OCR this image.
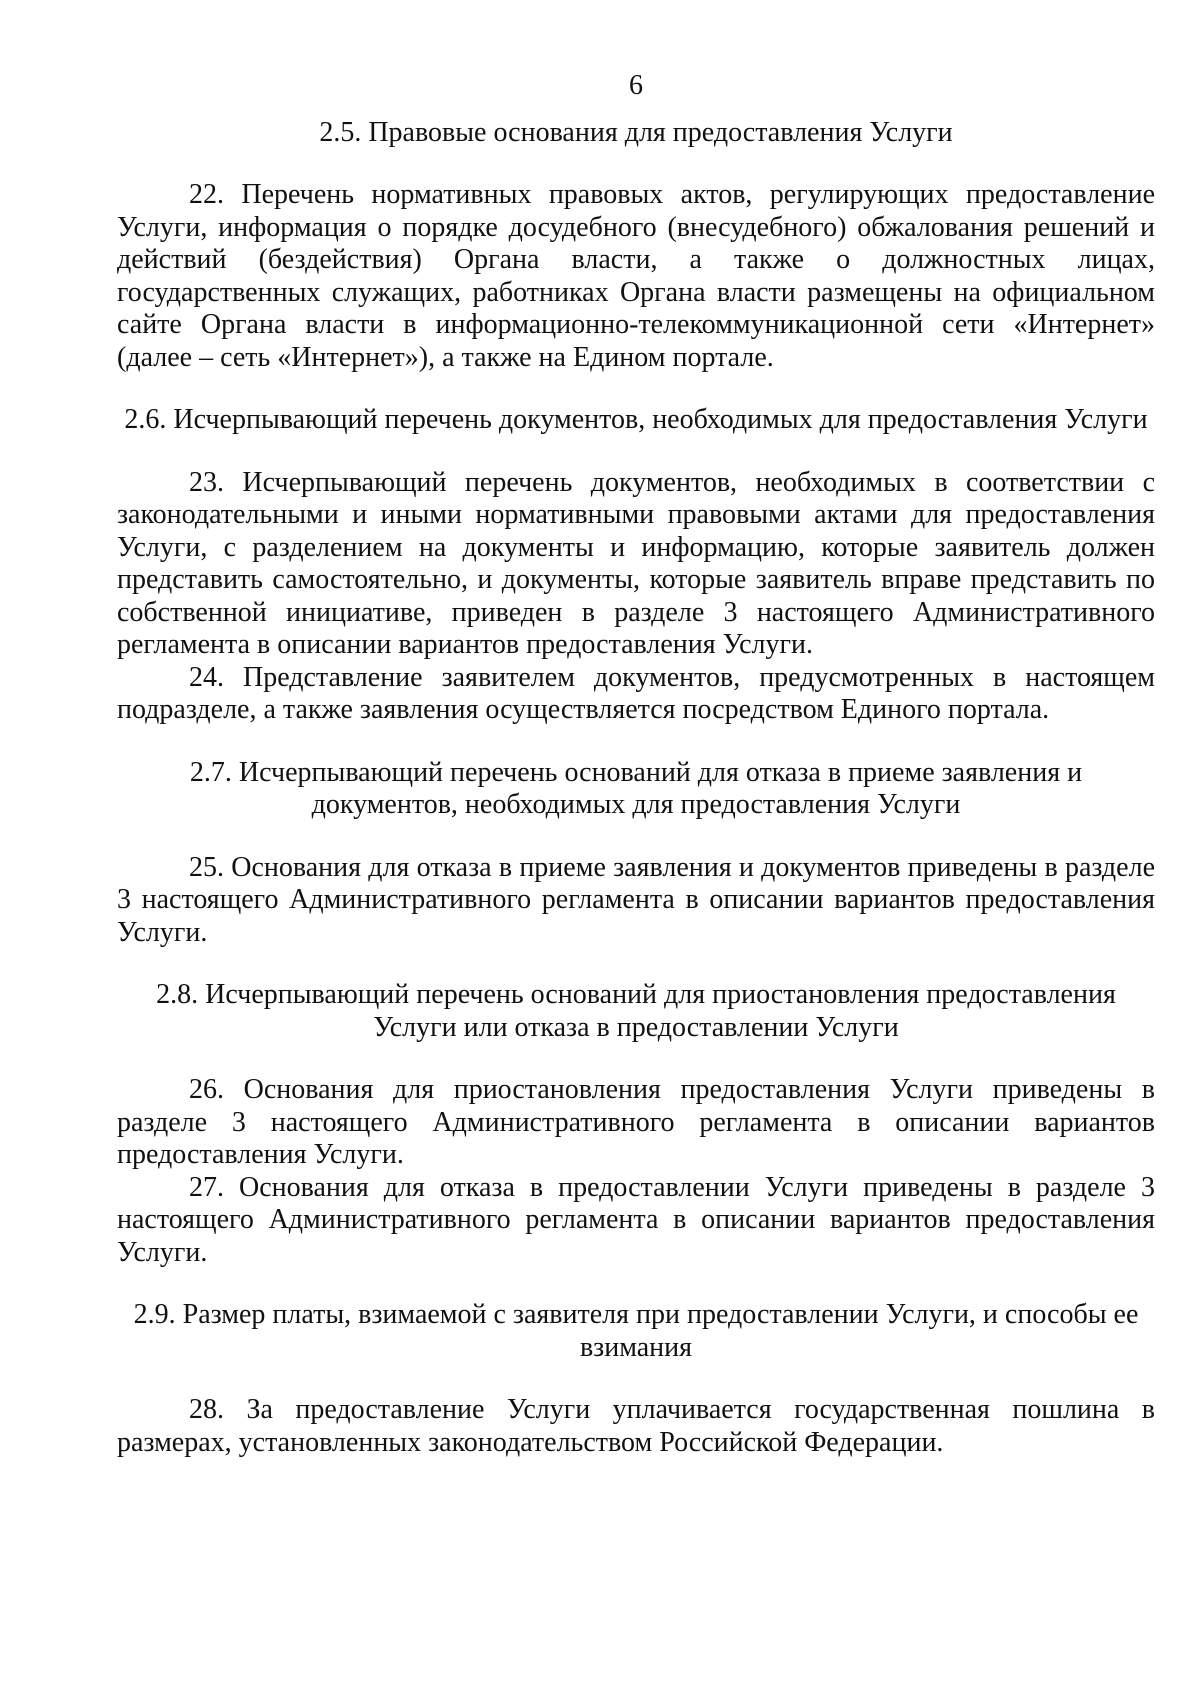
6
2.5. Правовые основания для предоставления Услуги

22. Перечень нормативных правовых актов, регулирующих предоставление Услуги, информация о порядке досудебного (внесудебного) обжалования решений и действий (бездействия) Органа власти, а также о должностных лицах, государственных служащих, работниках Органа власти размещены на официальном сайте Органа власти в информационно-телекоммуникационной сети «Интернет» (далее – сеть «Интернет»), а также на Едином портале.

2.6. Исчерпывающий перечень документов, необходимых для предоставления Услуги

23. Исчерпывающий перечень документов, необходимых в соответствии с законодательными и иными нормативными правовыми актами для предоставления Услуги, с разделением на документы и информацию, которые заявитель должен представить самостоятельно, и документы, которые заявитель вправе представить по собственной инициативе, приведен в разделе 3 настоящего Административного регламента в описании вариантов предоставления Услуги.

24. Представление заявителем документов, предусмотренных в настоящем подразделе, а также заявления осуществляется посредством Единого портала.

2.7. Исчерпывающий перечень оснований для отказа в приеме заявления и документов, необходимых для предоставления Услуги

25. Основания для отказа в приеме заявления и документов приведены в разделе 3 настоящего Административного регламента в описании вариантов предоставления Услуги.

2.8. Исчерпывающий перечень оснований для приостановления предоставления Услуги или отказа в предоставлении Услуги

26. Основания для приостановления предоставления Услуги приведены в разделе 3 настоящего Административного регламента в описании вариантов предоставления Услуги.

27. Основания для отказа в предоставлении Услуги приведены в разделе 3 настоящего Административного регламента в описании вариантов предоставления Услуги.

2.9. Размер платы, взимаемой с заявителя при предоставлении Услуги, и способы ее взимания

28. За предоставление Услуги уплачивается государственная пошлина в размерах, установленных законодательством Российской Федерации.
